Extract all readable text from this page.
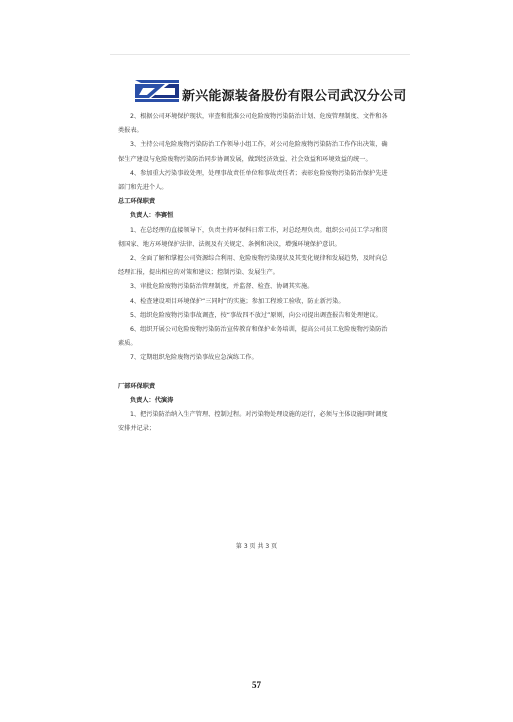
新兴能源装备股份有限公司武汉分公司

2、根据公司环境保护现状，审查和批准公司危险废物污染防治计划、危废管理制度、文件和各类报表。

3、主持公司危险废物污染防治工作领导小组工作，对公司危险废物污染防治工作作出决策，确保生产建设与危险废物污染防治同步协调发展，做到经济效益、社会效益和环境效益的统一。

4、参加重大污染事故处理，处理事故责任单位和事故责任者；表彰危险废物污染防治保护先进部门和先进个人。

总工环保职责

负责人：李赛恒

1、在总经理的直接领导下，负责主持环保科日常工作，对总经理负责。组织公司员工学习和贯彻国家、地方环境保护法律、法规及有关规定、条例和决议，增强环境保护意识。

2、全面了解和掌握公司资源综合利用、危险废物污染现状及其变化规律和发展趋势，及时向总经理汇报，提出相应的对策和建议；控制污染、发展生产。

3、审批危险废物污染防治管理制度，并监督、检查、协调其实施。

4、检查建设项目环境保护“三同时”的实施；参加工程竣工验收，防止新污染。

5、组织危险废物污染事故调查，按“事故四不放过”原则，向公司提出调查报告和处理建议。

6、组织开展公司危险废物污染防治宣传教育和保护业务培训，提高公司员工危险废物污染防治素质。

7、定期组织危险废物污染事故应急演练工作。

厂部环保职责

负责人：代演涛

1、把污染防治纳入生产管理、控制过程。对污染物处理设施的运行，必须与主体设施同时调度安排并记录；

第 3 页 共 3 页
57
